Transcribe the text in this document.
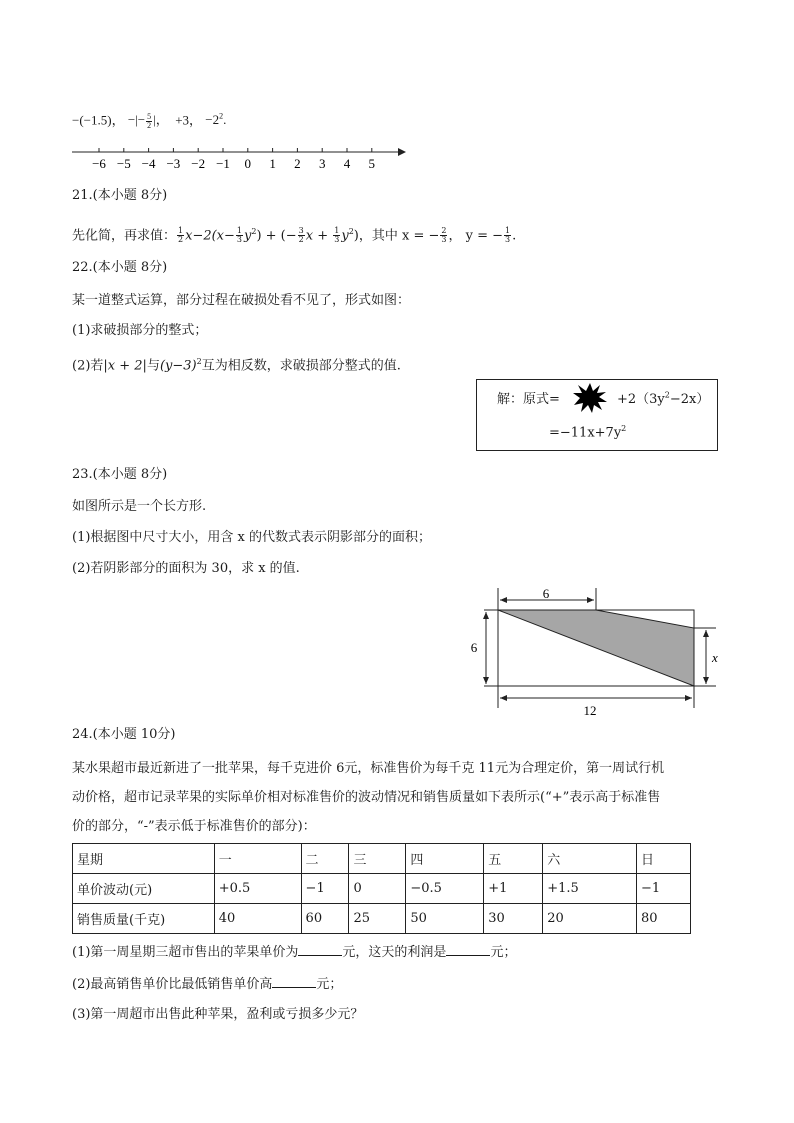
−(−1.5)， −|− $\frac{5}{2}$ |， +3， $-2^2$.
−6 −5 −4 −3 −2 −1 0 1 2 3 4 5
21.(本小题 8分)
先化简，再求值： $\frac{1}{2} x-2(x- \frac{1}{3} y^2)$ + (− $\frac{3}{2}$ $x + \frac{1}{3} y^2$)，其中 x = − $\frac{2}{3}$ ， y = − $\frac{1}{3}$ .
22.(本小题 8分)
某一道整式运算，部分过程在破损处看不见了，形式如图：
(1)求破损部分的整式；
(2)若|x + 2|与$(y-3)^2$互为相反数，求破损部分整式的值.
解：原式=	$+2(3y^2-2x)$
$=-11x+7y^2$
23.(本小题 8分)
如图所示是一个长方形.
(1)根据图中尺寸大小，用含 x 的代数式表示阴影部分的面积；
(2)若阴影部分的面积为 30，求 x 的值.
6
6
x
12
24.(本小题 10分)
某水果超市最近新进了一批苹果，每千克进价 6元，标准售价为每千克 11元为合理定价，第一周试行机
动价格，超市记录苹果的实际单价相对标准售价的波动情况和销售质量如下表所示(“+”表示高于标准售
价的部分，“-”表示低于标准售价的部分)：
星期	一	二	三	四	五	六	日
单价波动(元)	+0.5	−1	0	−0.5	+1	+1.5	−1
销售质量(千克)	40	60	25	50	30	20	80
(1)第一周星期三超市售出的苹果单价为	元，这天的利润是	元；
(2)最高销售单价比最低销售单价高	元；
(3)第一周超市出售此种苹果，盈利或亏损多少元？
